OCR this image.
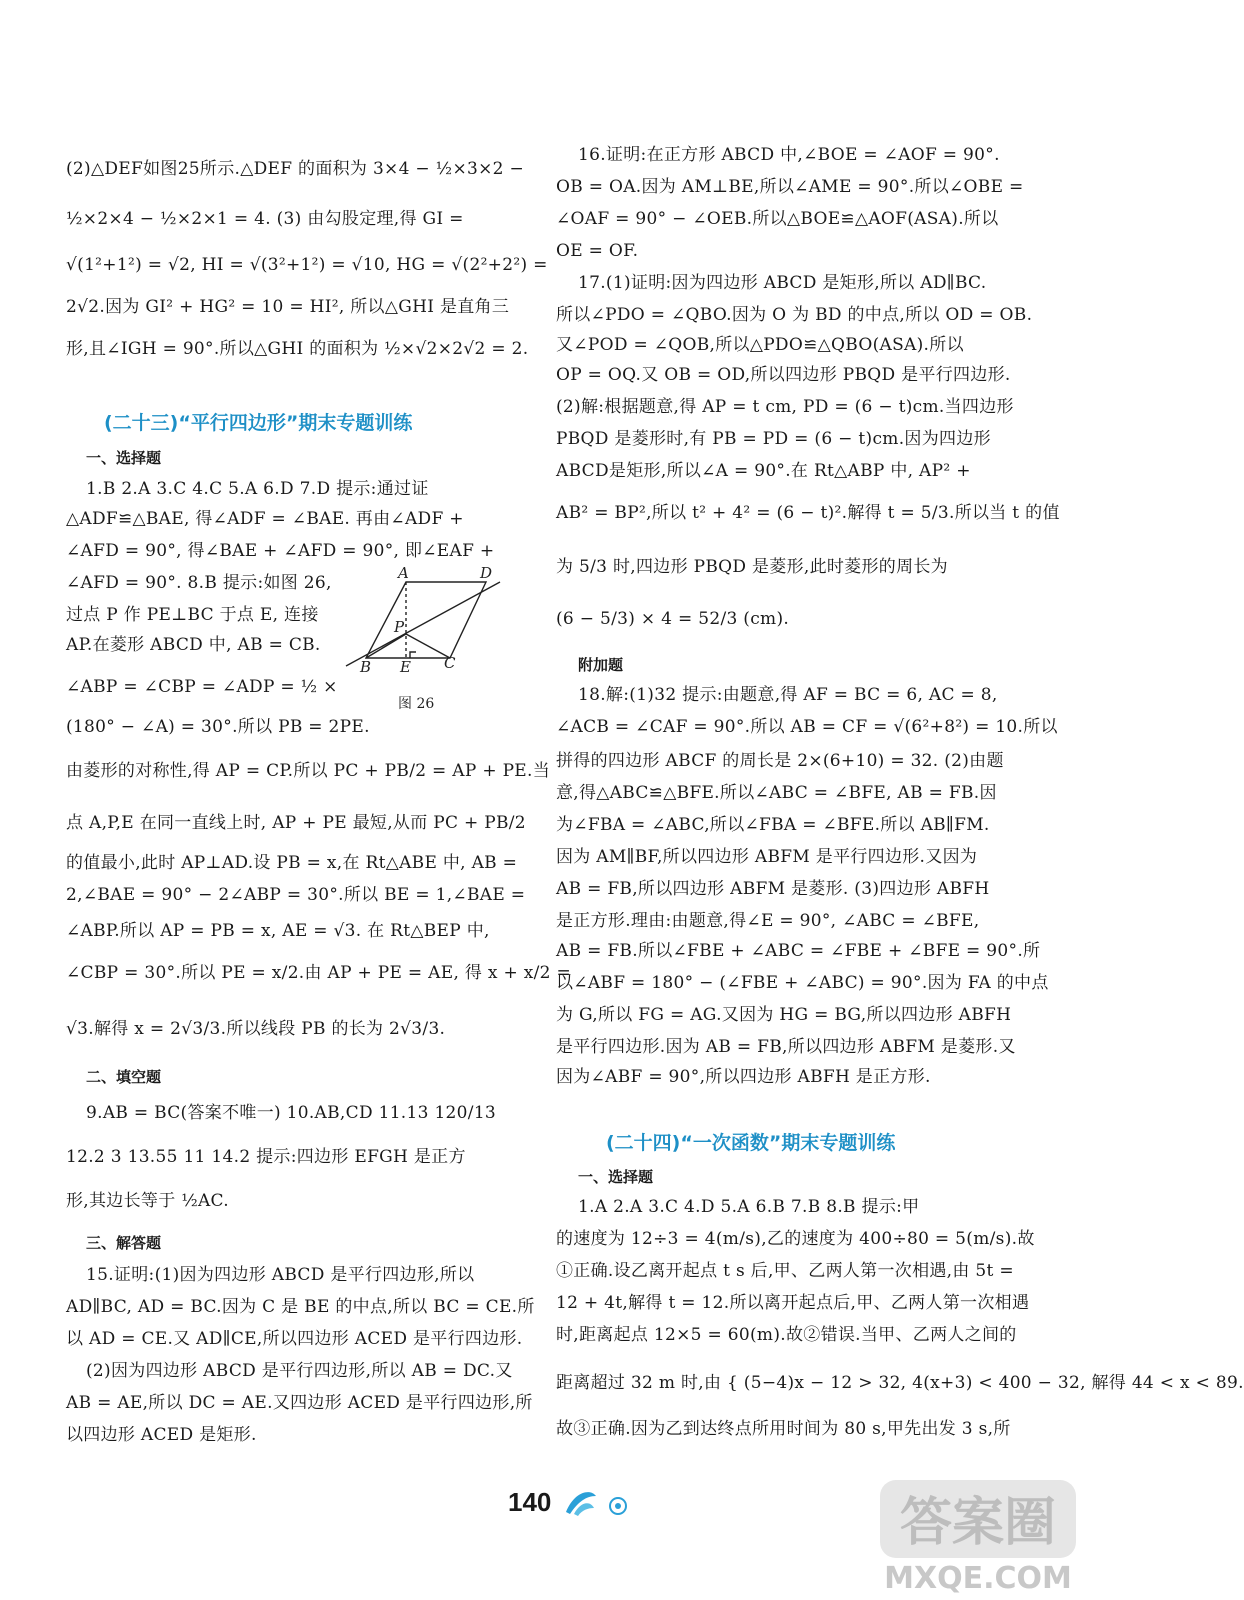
(2)△DEF如图25所示.△DEF 的面积为 3×4 − ½×3×2 −
½×2×4 − ½×2×1 = 4. (3) 由勾股定理,得 GI =
√(1²+1²) = √2, HI = √(3²+1²) = √10, HG = √(2²+2²) =
2√2.因为 GI² + HG² = 10 = HI², 所以△GHI 是直角三
形,且∠IGH = 90°.所以△GHI 的面积为 ½×√2×2√2 = 2.
(二十三)“平行四边形”期末专题训练
一、选择题
1.B 2.A 3.C 4.C 5.A 6.D 7.D 提示:通过证
△ADF≌△BAE, 得∠ADF = ∠BAE. 再由∠ADF +
∠AFD = 90°, 得∠BAE + ∠AFD = 90°, 即∠EAF +
∠AFD = 90°. 8.B 提示:如图 26,
过点 P 作 PE⊥BC 于点 E, 连接
AP.在菱形 ABCD 中, AB = CB.
∠ABP = ∠CBP = ∠ADP = ½ ×
(180° − ∠A) = 30°.所以 PB = 2PE.
由菱形的对称性,得 AP = CP.所以 PC + PB/2 = AP + PE.当
点 A,P,E 在同一直线上时, AP + PE 最短,从而 PC + PB/2
的值最小,此时 AP⊥AD.设 PB = x,在 Rt△ABE 中, AB =
2,∠BAE = 90° − 2∠ABP = 30°.所以 BE = 1,∠BAE =
∠ABP.所以 AP = PB = x, AE = √3. 在 Rt△BEP 中,
∠CBP = 30°.所以 PE = x/2.由 AP + PE = AE, 得 x + x/2 =
√3.解得 x = 2√3/3.所以线段 PB 的长为 2√3/3.
A	D
P
B E C
图 26
二、填空题
9.AB = BC(答案不唯一) 10.AB,CD 11.13 120/13
12.2 3 13.55 11 14.2 提示:四边形 EFGH 是正方
形,其边长等于 ½AC.
三、解答题
15.证明:(1)因为四边形 ABCD 是平行四边形,所以
AD∥BC, AD = BC.因为 C 是 BE 的中点,所以 BC = CE.所
以 AD = CE.又 AD∥CE,所以四边形 ACED 是平行四边形.
(2)因为四边形 ABCD 是平行四边形,所以 AB = DC.又
AB = AE,所以 DC = AE.又四边形 ACED 是平行四边形,所
以四边形 ACED 是矩形.
16.证明:在正方形 ABCD 中,∠BOE = ∠AOF = 90°.
OB = OA.因为 AM⊥BE,所以∠AME = 90°.所以∠OBE =
∠OAF = 90° − ∠OEB.所以△BOE≌△AOF(ASA).所以
OE = OF.
17.(1)证明:因为四边形 ABCD 是矩形,所以 AD∥BC.
所以∠PDO = ∠QBO.因为 O 为 BD 的中点,所以 OD = OB.
又∠POD = ∠QOB,所以△PDO≌△QBO(ASA).所以
OP = OQ.又 OB = OD,所以四边形 PBQD 是平行四边形.
(2)解:根据题意,得 AP = t cm, PD = (6 − t)cm.当四边形
PBQD 是菱形时,有 PB = PD = (6 − t)cm.因为四边形
ABCD是矩形,所以∠A = 90°.在 Rt△ABP 中, AP² +
AB² = BP²,所以 t² + 4² = (6 − t)².解得 t = 5/3.所以当 t 的值
为 5/3 时,四边形 PBQD 是菱形,此时菱形的周长为
(6 − 5/3) × 4 = 52/3 (cm).
附加题
18.解:(1)32 提示:由题意,得 AF = BC = 6, AC = 8,
∠ACB = ∠CAF = 90°.所以 AB = CF = √(6²+8²) = 10.所以
拼得的四边形 ABCF 的周长是 2×(6+10) = 32. (2)由题
意,得△ABC≌△BFE.所以∠ABC = ∠BFE, AB = FB.因
为∠FBA = ∠ABC,所以∠FBA = ∠BFE.所以 AB∥FM.
因为 AM∥BF,所以四边形 ABFM 是平行四边形.又因为
AB = FB,所以四边形 ABFM 是菱形. (3)四边形 ABFH
是正方形.理由:由题意,得∠E = 90°, ∠ABC = ∠BFE,
AB = FB.所以∠FBE + ∠ABC = ∠FBE + ∠BFE = 90°.所
以∠ABF = 180° − (∠FBE + ∠ABC) = 90°.因为 FA 的中点
为 G,所以 FG = AG.又因为 HG = BG,所以四边形 ABFH
是平行四边形.因为 AB = FB,所以四边形 ABFM 是菱形.又
因为∠ABF = 90°,所以四边形 ABFH 是正方形.
(二十四)“一次函数”期末专题训练
一、选择题
1.A 2.A 3.C 4.D 5.A 6.B 7.B 8.B 提示:甲
的速度为 12÷3 = 4(m/s),乙的速度为 400÷80 = 5(m/s).故
①正确.设乙离开起点 t s 后,甲、乙两人第一次相遇,由 5t =
12 + 4t,解得 t = 12.所以离开起点后,甲、乙两人第一次相遇
时,距离起点 12×5 = 60(m).故②错误.当甲、乙两人之间的
距离超过 32 m 时,由 { (5−4)x − 12 > 32, 4(x+3) < 400 − 32, 解得 44 < x < 89.
故③正确.因为乙到达终点所用时间为 80 s,甲先出发 3 s,所
140	答案圈
MXQE.COM
